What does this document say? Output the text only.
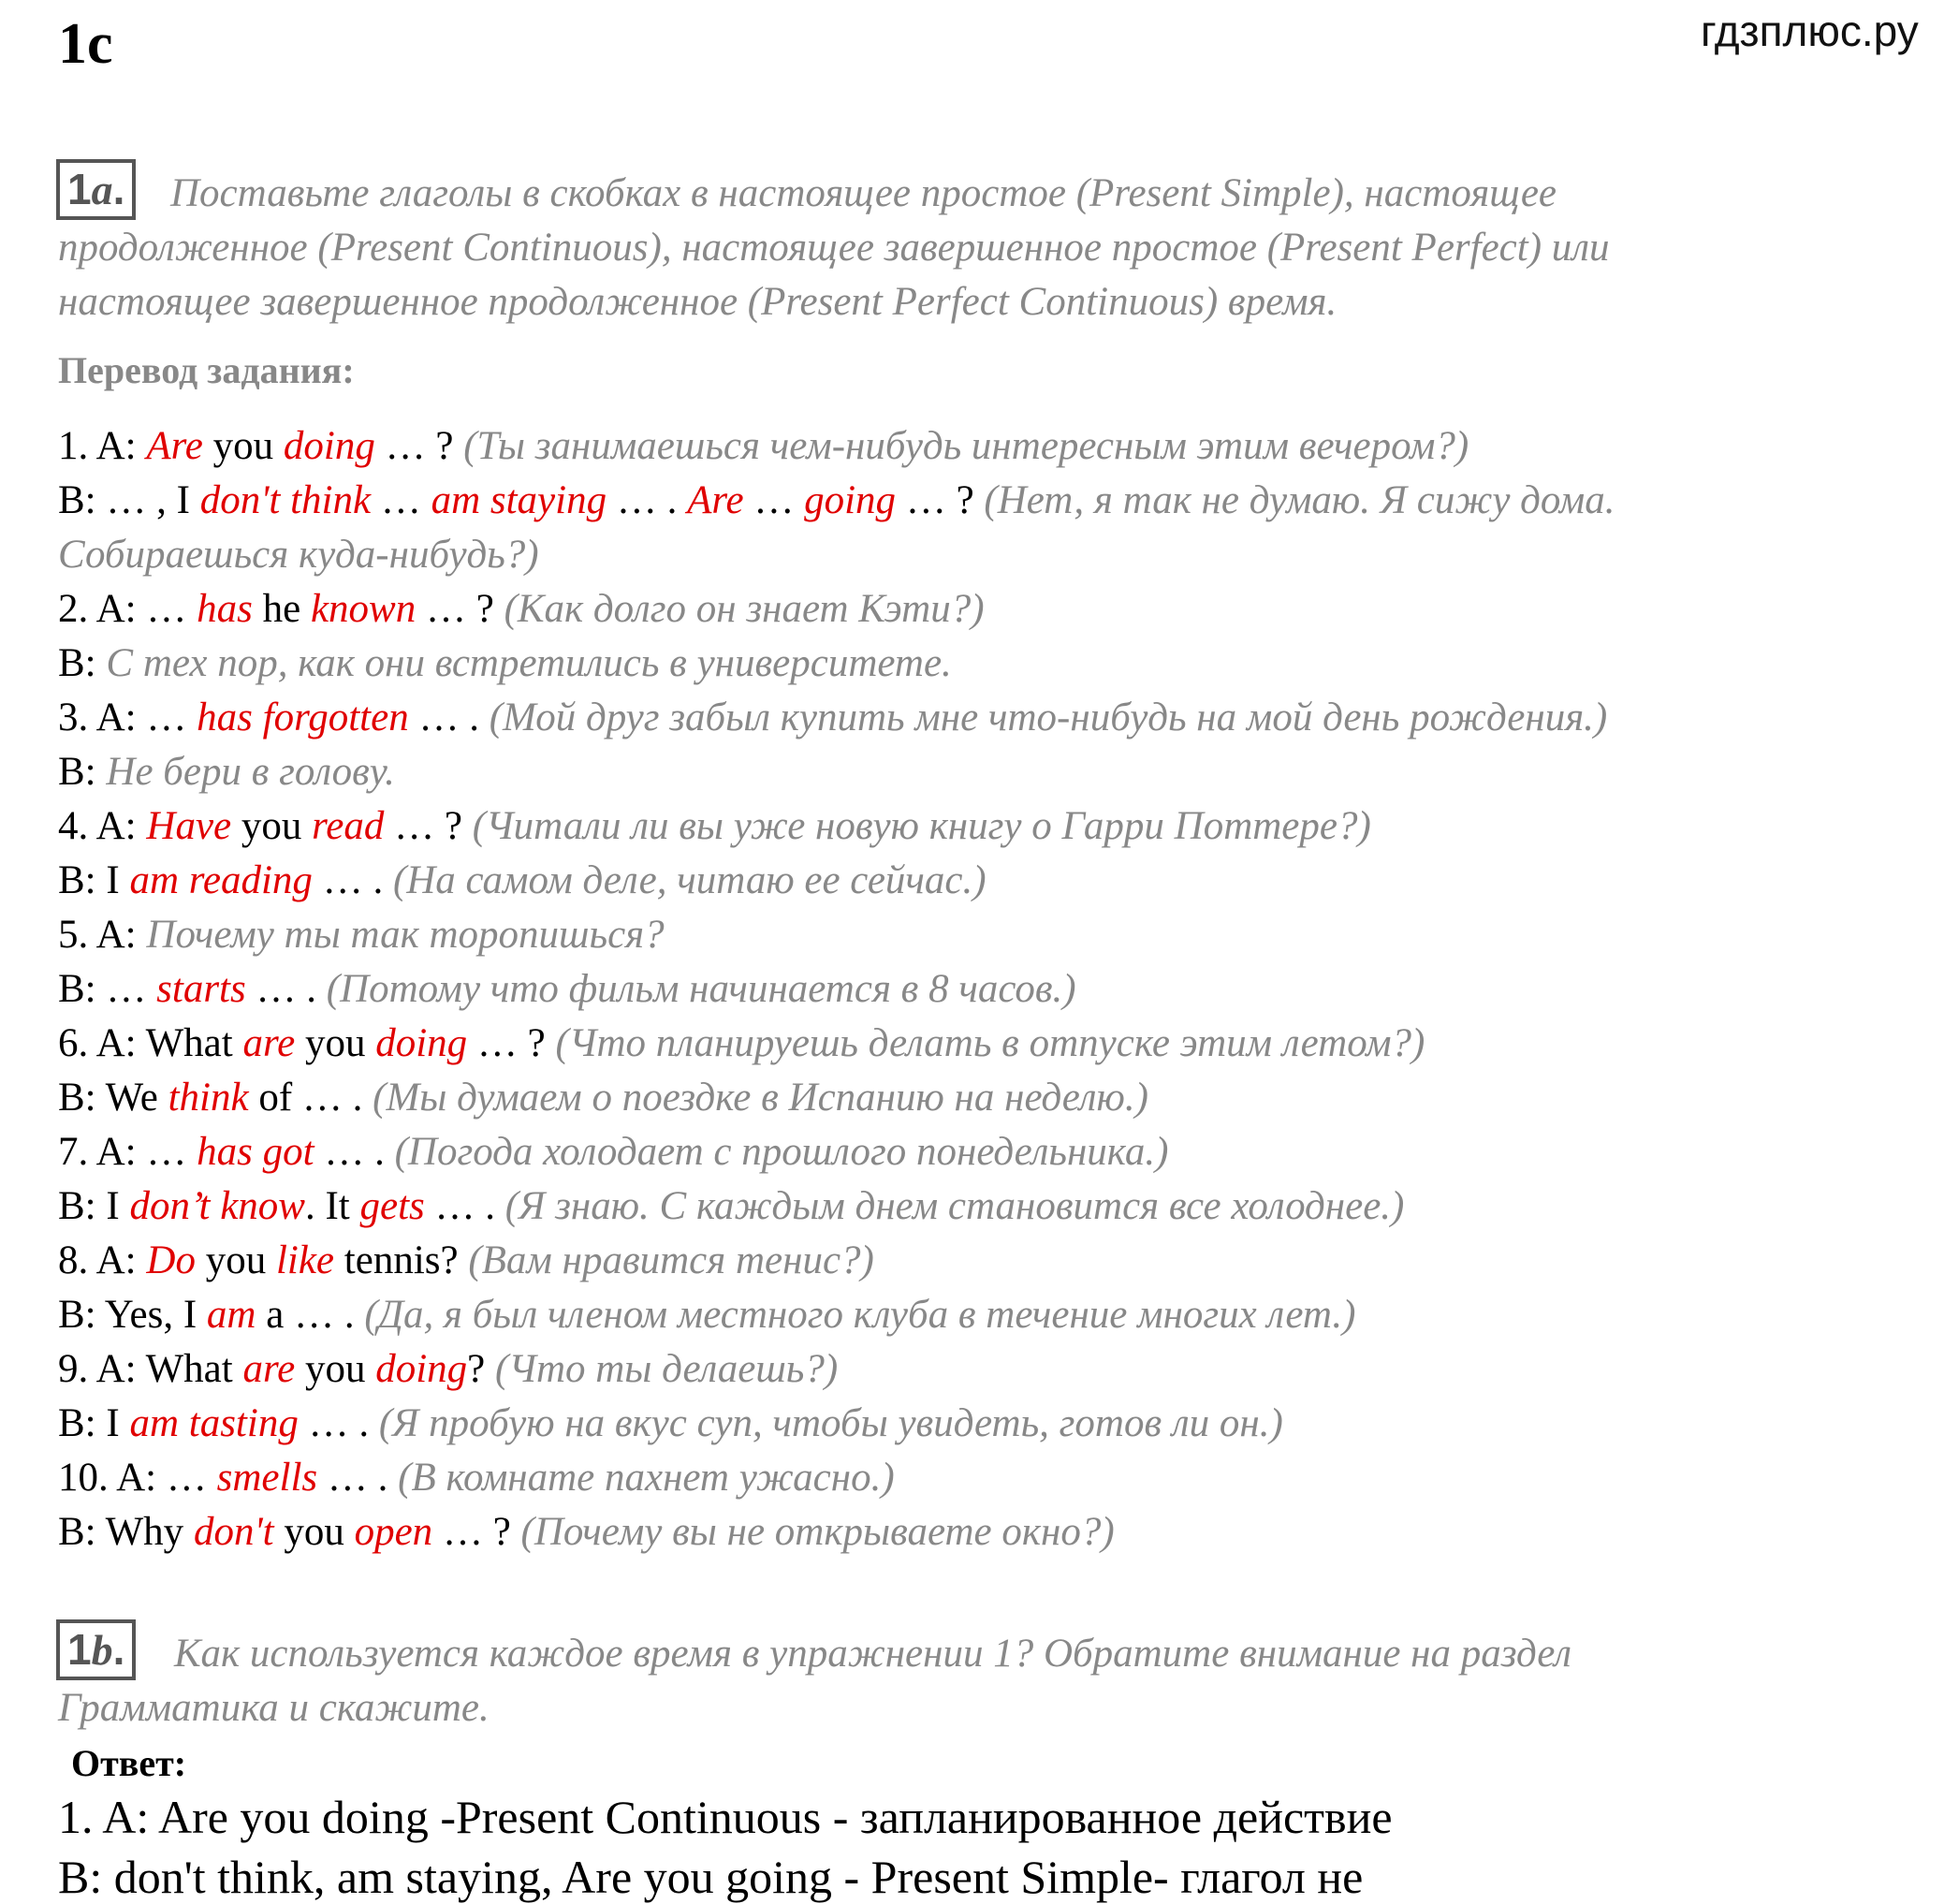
1c	гдзплюс.ру
1a. Поставьте глаголы в скобках в настоящее простое (Present Simple), настоящее
продолженное (Present Continuous), настоящее завершенное простое (Present Perfect) или
настоящее завершенное продолженное (Present Perfect Continuous) время.
Перевод задания:
1. A: Are you doing … ? (Ты занимаешься чем-нибудь интересным этим вечером?)
B: … , I don't think … am staying … . Are … going … ? (Нет, я так не думаю. Я сижу дома.
Собираешься куда-нибудь?)
2. A: … has he known … ? (Как долго он знает Кэти?)
B: С тех пор, как они встретились в университете.
3. A: … has forgotten … . (Мой друг забыл купить мне что-нибудь на мой день рождения.)
B: Не бери в голову.
4. A: Have you read … ? (Читали ли вы уже новую книгу о Гарри Поттере?)
B: I am reading … . (На самом деле, читаю ее сейчас.)
5. A: Почему ты так торопишься?
B: … starts … . (Потому что фильм начинается в 8 часов.)
6. A: What are you doing … ? (Что планируешь делать в отпуске этим летом?)
B: We think of … . (Мы думаем о поездке в Испанию на неделю.)
7. A: … has got … . (Погода холодает с прошлого понедельника.)
B: I don’t know. It gets … . (Я знаю. С каждым днем становится все холоднее.)
8. A: Do you like tennis? (Вам нравится тенис?)
B: Yes, I am a … . (Да, я был членом местного клуба в течение многих лет.)
9. A: What are you doing? (Что ты делаешь?)
B: I am tasting … . (Я пробую на вкус суп, чтобы увидеть, готов ли он.)
10. A: … smells … . (В комнате пахнет ужасно.)
B: Why don't you open … ? (Почему вы не открываете окно?)
1b. Как используется каждое время в упражнении 1? Обратите внимание на раздел
Грамматика и скажите.
Ответ:
1. A: Are you doing -Present Continuous - запланированное действие
B: don't think, am staying, Are you going - Present Simple- глагол не
